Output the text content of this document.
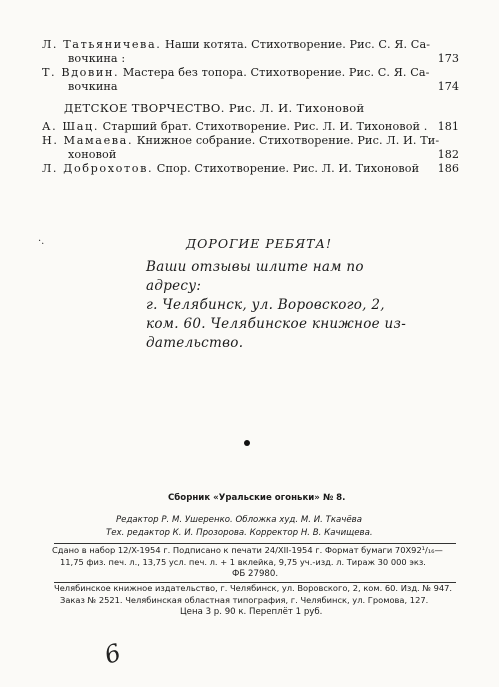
Л. Татьяничева. Наши котята. Стихотворение. Рис. С. Я. Са-
вочкина :	173
Т. Вдовин. Мастера без топора. Стихотворение. Рис. С. Я. Са-
вочкина	174
ДЕТСКОЕ ТВОРЧЕСТВО. Рис. Л. И. Тихоновой
А. Шац. Старший брат. Стихотворение. Рис. Л. И. Тихоновой . 181
Н. Мамаева. Книжное собрание. Стихотворение. Рис. Л. И. Ти-
хоновой	182
Л. Доброхотов. Спор. Стихотворение. Рис. Л. И. Тихоновой 186
·.	ДОРОГИЕ РЕБЯТА!
Ваши отзывы шлите нам по
адресу:
г. Челябинск, ул. Воровского, 2,
ком. 60. Челябинское книжное из-
дательство.
Сборник «Уральские огоньки» № 8.
Редактор Р. М. Ушеренко. Обложка худ. М. И. Ткачёва
Тех. редактор К. И. Прозорова. Корректор Н. В. Качищева.
Сдано в набор 12/X-1954 г. Подписано к печати 24/XII-1954 г. Формат бумаги 70X92¹/₁₆—
11,75 физ. печ. л., 13,75 усл. печ. л. + 1 вклейка, 9,75 уч.-изд. л. Тираж 30 000 экз.
ФБ 27980.
Челябинское книжное издательство, г. Челябинск, ул. Воровского, 2, ком. 60. Изд. № 947.
Заказ № 2521. Челябинская областная типография, г. Челябинск, ул. Громова, 127.
Цена 3 р. 90 к. Переплёт 1 руб.
6
